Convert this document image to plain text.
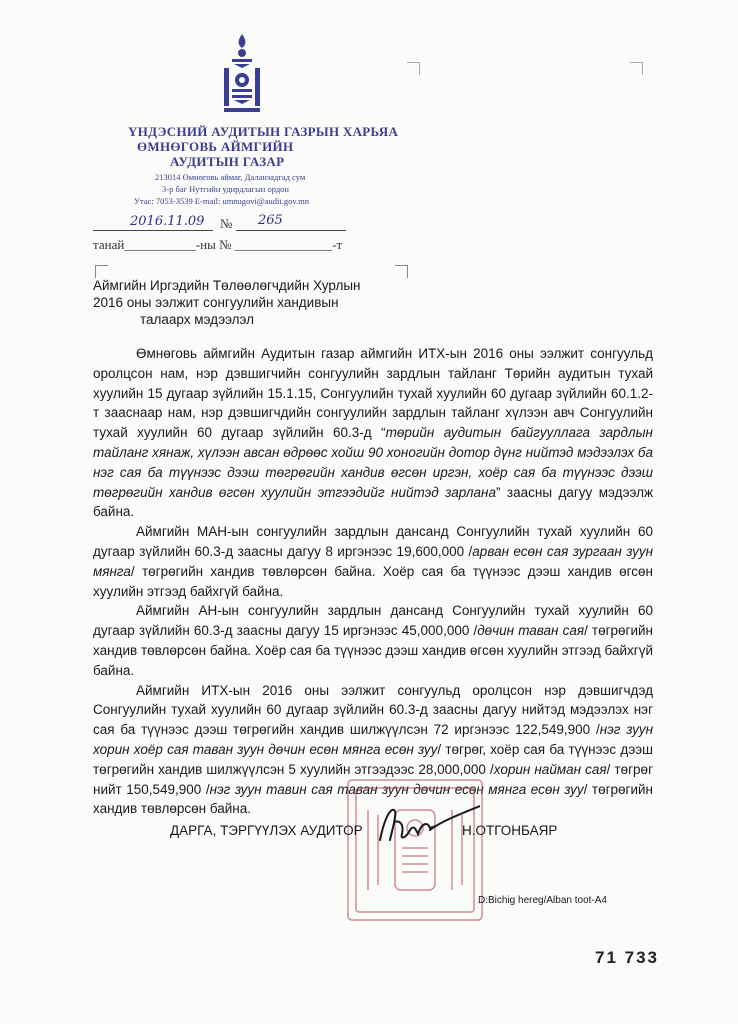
ҮНДЭСНИЙ АУДИТЫН ГАЗРЫН ХАРЬЯА
ӨМНӨГОВЬ АЙМГИЙН
АУДИТЫН ГАЗАР
213014 Өмнөговь аймаг, Даланзадгад сум
3-р баг Нутгийн удирдлагын ордон
Утас: 7053-3539 E-mail: umnugovi@audit.gov.mn
2016.11.09 № 265
танай___________-ны № _______________-т
Аймгийн Иргэдийн Төлөөлөгчдийн Хурлын
2016 оны ээлжит сонгуулийн хандивын
талаарх мэдээлэл

Өмнөговь аймгийн Аудитын газар аймгийн ИТХ-ын 2016 оны ээлжит сонгуульд оролцсон нам, нэр дэвшигчийн сонгуулийн зардлын тайланг Төрийн аудитын тухай хуулийн 15 дугаар зүйлийн 15.1.15, Сонгуулийн тухай хуулийн 60 дугаар зүйлийн 60.1.2-т зааснаар нам, нэр дэвшигчдийн сонгуулийн зардлын тайланг хүлээн авч Сонгуулийн тухай хуулийн 60 дугаар зүйлийн 60.3-д “төрийн аудитын байгууллага зардлын тайланг хянаж, хүлээн авсан өдрөөс хойш 90 хоногийн дотор дүнг нийтэд мэдээлэх ба нэг сая ба түүнээс дээш төгрөгийн хандив өгсөн иргэн, хоёр сая ба түүнээс дээш төгрөгийн хандив өгсөн хуулийн этгээдийг нийтэд зарлана” заасны дагуу мэдээлж байна.

Аймгийн МАН-ын сонгуулийн зардлын дансанд Сонгуулийн тухай хуулийн 60 дугаар зүйлийн 60.3-д заасны дагуу 8 иргэнээс 19,600,000 /арван есөн сая зургаан зуун мянга/ төгрөгийн хандив төвлөрсөн байна. Хоёр сая ба түүнээс дээш хандив өгсөн хуулийн этгээд байхгүй байна.

Аймгийн АН-ын сонгуулийн зардлын дансанд Сонгуулийн тухай хуулийн 60 дугаар зүйлийн 60.3-д заасны дагуу 15 иргэнээс 45,000,000 /дөчин таван сая/ төгрөгийн хандив төвлөрсөн байна. Хоёр сая ба түүнээс дээш хандив өгсөн хуулийн этгээд байхгүй байна.

Аймгийн ИТХ-ын 2016 оны ээлжит сонгуульд оролцсон нэр дэвшигчдэд Сонгуулийн тухай хуулийн 60 дугаар зүйлийн 60.3-д заасны дагуу нийтэд мэдээлэх нэг сая ба түүнээс дээш төгрөгийн хандив шилжүүлсэн 72 иргэнээс 122,549,900 /нэг зуун хорин хоёр сая таван зуун дөчин есөн мянга есөн зуу/ төгрөг, хоёр сая ба түүнээс дээш төгрөгийн хандив шилжүүлсэн 5 хуулийн этгээдээс 28,000,000 /хорин найман сая/ төгрөг нийт 150,549,900 /нэг зуун тавин сая таван зуун дөчин есөн мянга есөн зуу/ төгрөгийн хандив төвлөрсөн байна.

ДАРГА, ТЭРГҮҮЛЭХ АУДИТОР	Н.ОТГОНБАЯР
D:Bichig hereg/Alban toot-A4
71 733
